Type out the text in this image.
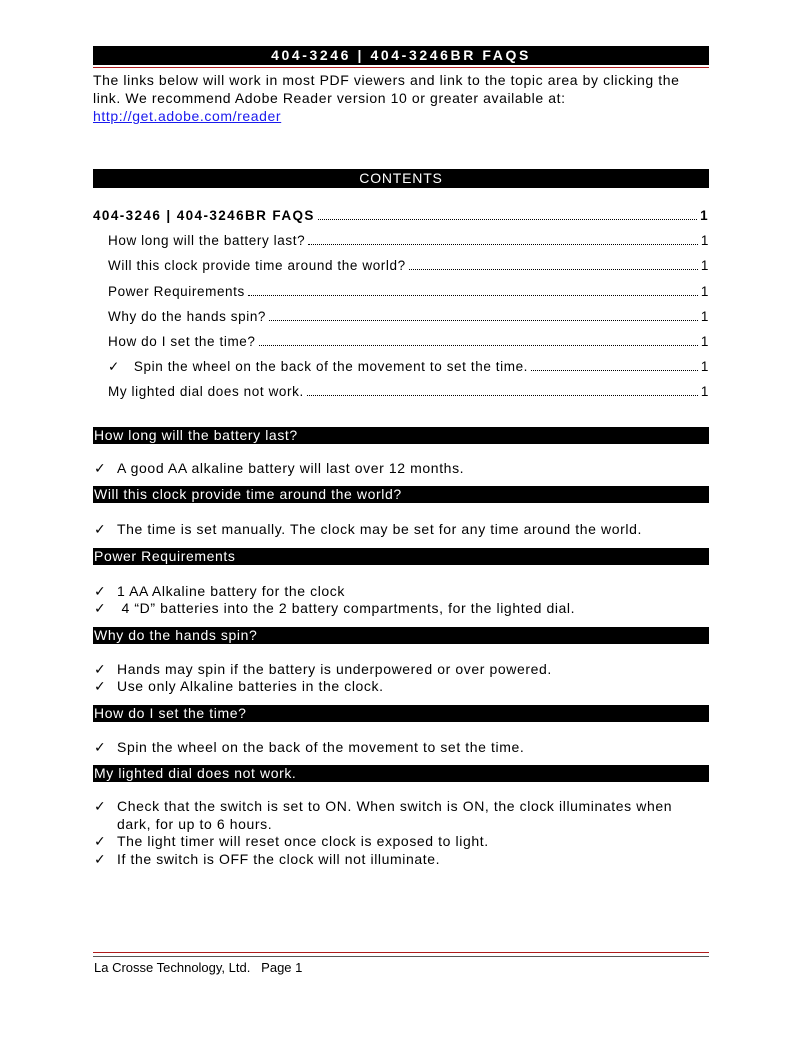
404-3246 | 404-3246BR FAQS
The links below will work in most PDF viewers and link to the topic area by clicking the link. We recommend Adobe Reader version 10 or greater available at:
http://get.adobe.com/reader
CONTENTS
404-3246 | 404-3246BR FAQS	1
How long will the battery last?	1
Will this clock provide time around the world?	1
Power Requirements	1
Why do the hands spin?	1
How do I set the time?	1
✓ Spin the wheel on the back of the movement to set the time.	1
My lighted dial does not work.	1
How long will the battery last?
✓ A good AA alkaline battery will last over 12 months.
Will this clock provide time around the world?
✓ The time is set manually. The clock may be set for any time around the world.
Power Requirements
✓ 1 AA Alkaline battery for the clock
✓ 4 “D” batteries into the 2 battery compartments, for the lighted dial.
Why do the hands spin?
✓ Hands may spin if the battery is underpowered or over powered.
✓ Use only Alkaline batteries in the clock.
How do I set the time?
✓ Spin the wheel on the back of the movement to set the time.
My lighted dial does not work.
✓ Check that the switch is set to ON. When switch is ON, the clock illuminates when dark, for up to 6 hours.
✓ The light timer will reset once clock is exposed to light.
✓ If the switch is OFF the clock will not illuminate.
La Crosse Technology, Ltd.   Page 1
